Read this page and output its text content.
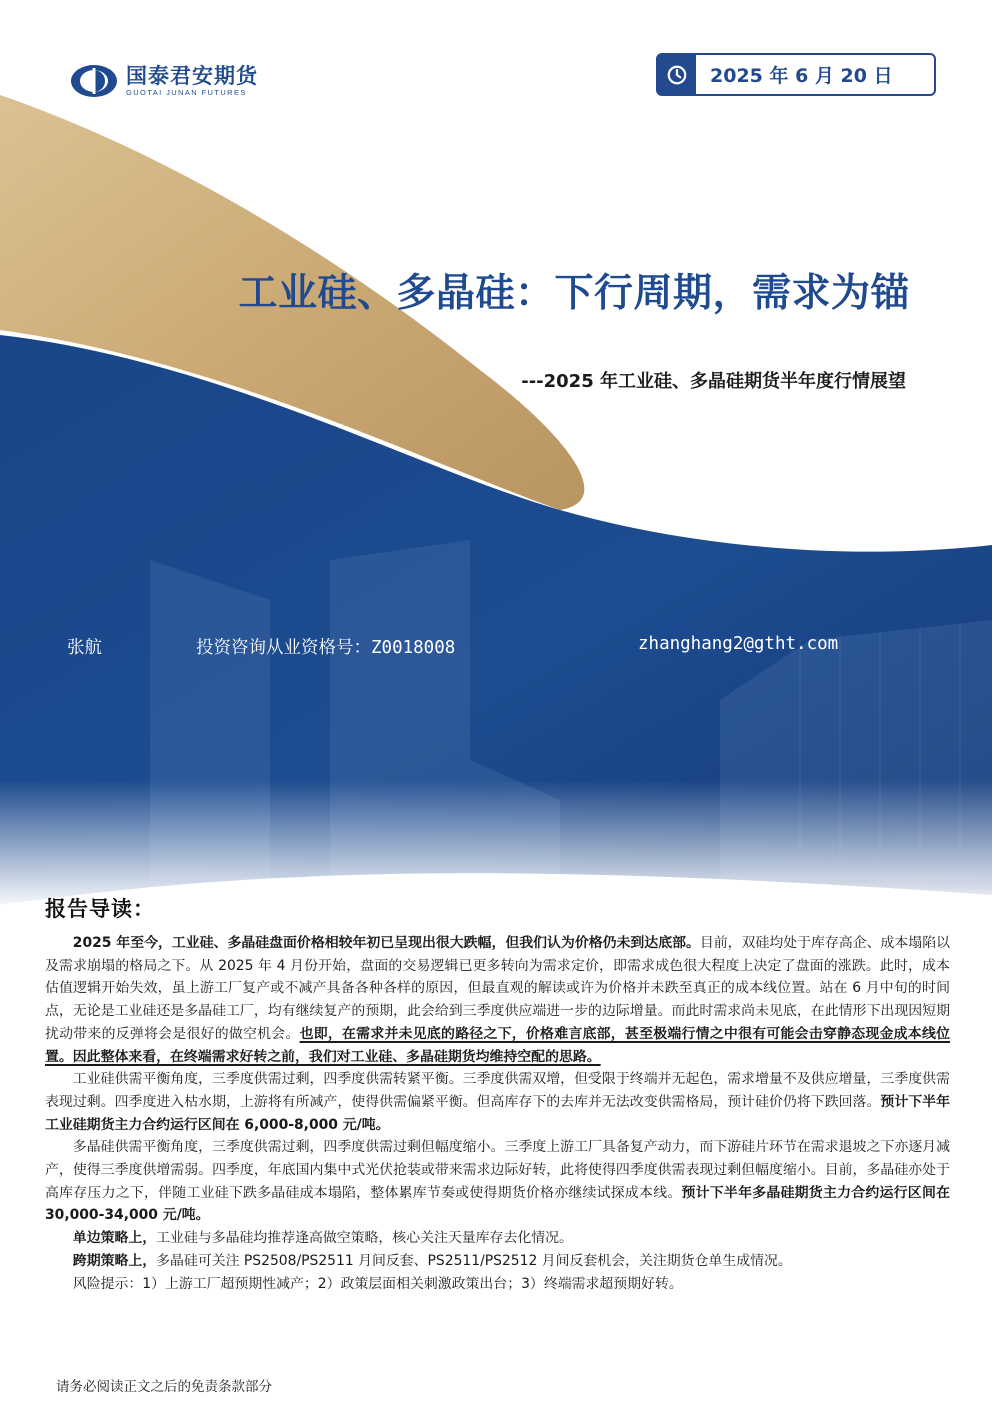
国泰君安期货
GUOTAI JUNAN FUTURES
2025 年 6 月 20 日
工业硅、多晶硅：下行周期，需求为锚
---2025 年工业硅、多晶硅期货半年度行情展望
张航	投资咨询从业资格号：Z0018008	zhanghang2@gtht.com
报告导读：

2025 年至今，工业硅、多晶硅盘面价格相较年初已呈现出很大跌幅，但我们认为价格仍未到达底部。目前，双硅均处于库存高企、成本塌陷以及需求崩塌的格局之下。从 2025 年 4 月份开始，盘面的交易逻辑已更多转向为需求定价，即需求成色很大程度上决定了盘面的涨跌。此时，成本估值逻辑开始失效，虽上游工厂复产或不减产具备各种各样的原因，但最直观的解读或许为价格并未跌至真正的成本线位置。站在 6 月中旬的时间点，无论是工业硅还是多晶硅工厂，均有继续复产的预期，此会给到三季度供应端进一步的边际增量。而此时需求尚未见底，在此情形下出现因短期扰动带来的反弹将会是很好的做空机会。也即，在需求并未见底的路径之下，价格难言底部，甚至极端行情之中很有可能会击穿静态现金成本线位置。因此整体来看，在终端需求好转之前，我们对工业硅、多晶硅期货均维持空配的思路。

工业硅供需平衡角度，三季度供需过剩，四季度供需转紧平衡。三季度供需双增，但受限于终端并无起色，需求增量不及供应增量，三季度供需表现过剩。四季度进入枯水期，上游将有所减产，使得供需偏紧平衡。但高库存下的去库并无法改变供需格局，预计硅价仍将下跌回落。预计下半年工业硅期货主力合约运行区间在 6,000-8,000 元/吨。

多晶硅供需平衡角度，三季度供需过剩，四季度供需过剩但幅度缩小。三季度上游工厂具备复产动力，而下游硅片环节在需求退坡之下亦逐月减产，使得三季度供增需弱。四季度，年底国内集中式光伏抢装或带来需求边际好转，此将使得四季度供需表现过剩但幅度缩小。目前，多晶硅亦处于高库存压力之下，伴随工业硅下跌多晶硅成本塌陷，整体累库节奏或使得期货价格亦继续试探成本线。预计下半年多晶硅期货主力合约运行区间在 30,000-34,000 元/吨。

单边策略上，工业硅与多晶硅均推荐逢高做空策略，核心关注天量库存去化情况。

跨期策略上，多晶硅可关注 PS2508/PS2511 月间反套、PS2511/PS2512 月间反套机会，关注期货仓单生成情况。

风险提示：1）上游工厂超预期性减产；2）政策层面相关刺激政策出台；3）终端需求超预期好转。

请务必阅读正文之后的免责条款部分
